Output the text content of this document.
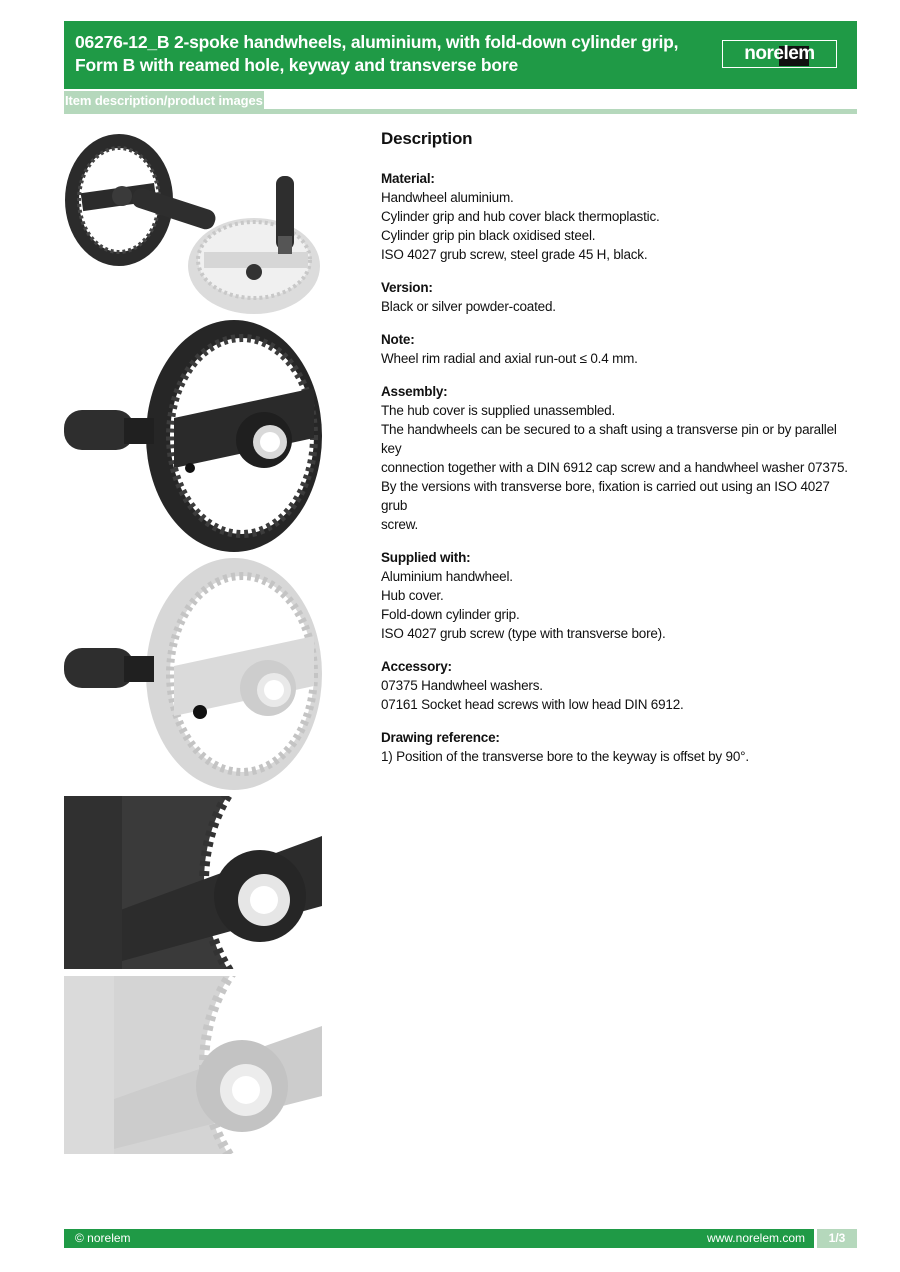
06276-12_B 2-spoke handwheels, aluminium, with fold-down cylinder grip, Form B with reamed hole, keyway and transverse bore
norelem
Item description/product images
Description
Material:
Handwheel aluminium.
Cylinder grip and hub cover black thermoplastic.
Cylinder grip pin black oxidised steel.
ISO 4027 grub screw, steel grade 45 H, black.
Version:
Black or silver powder-coated.
Note:
Wheel rim radial and axial run-out ≤ 0.4 mm.
Assembly:
The hub cover is supplied unassembled.
The handwheels can be secured to a shaft using a transverse pin or by parallel key
connection together with a DIN 6912 cap screw and a handwheel washer 07375.
By the versions with transverse bore, fixation is carried out using an ISO 4027 grub
screw.
Supplied with:
Aluminium handwheel.
Hub cover.
Fold-down cylinder grip.
ISO 4027 grub screw (type with transverse bore).
Accessory:
07375 Handwheel washers.
07161 Socket head screws with low head DIN 6912.
Drawing reference:
1) Position of the transverse bore to the keyway is offset by 90°.
© norelem	www.norelem.com	1/3
